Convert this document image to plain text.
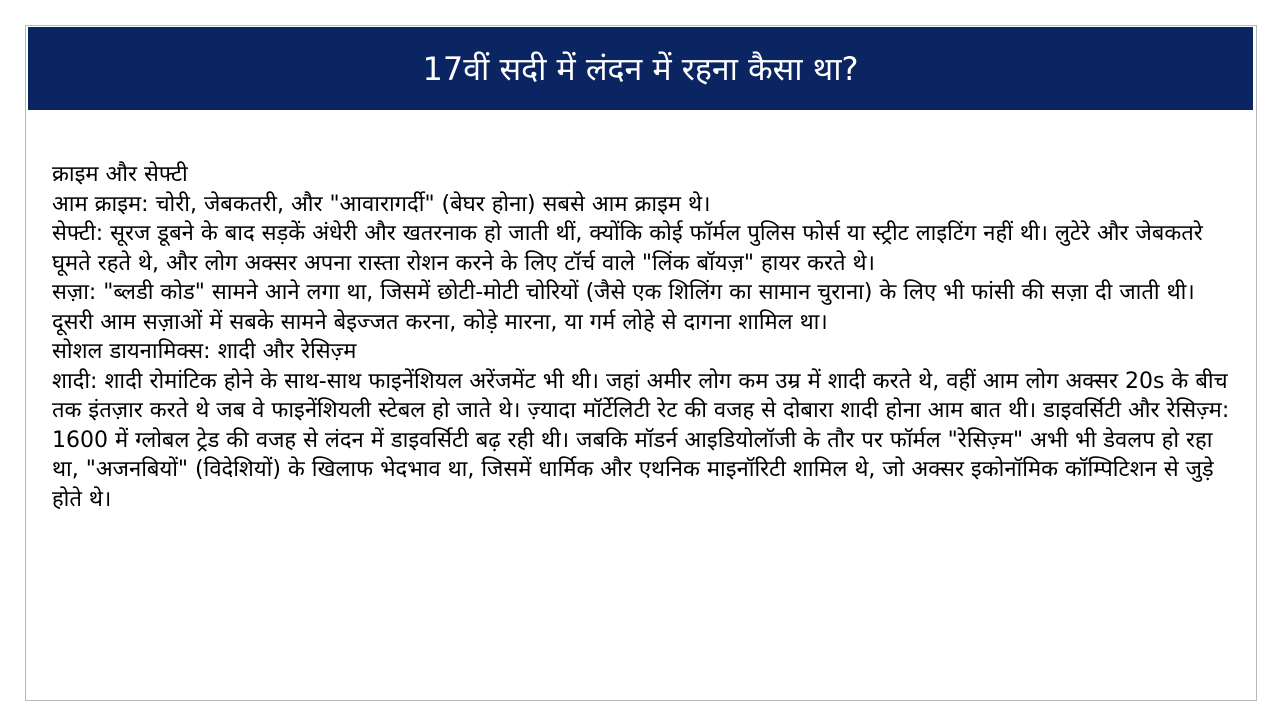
17वीं सदी में लंदन में रहना कैसा था?

क्राइम और सेफ्टी

आम क्राइम: चोरी, जेबकतरी, और "आवारागर्दी" (बेघर होना) सबसे आम क्राइम थे।

सेफ्टी: सूरज डूबने के बाद सड़कें अंधेरी और खतरनाक हो जाती थीं, क्योंकि कोई फॉर्मल पुलिस फोर्स या स्ट्रीट लाइटिंग नहीं थी। लुटेरे और जेबकतरे घूमते रहते थे, और लोग अक्सर अपना रास्ता रोशन करने के लिए टॉर्च वाले "लिंक बॉयज़" हायर करते थे।

सज़ा: "ब्लडी कोड" सामने आने लगा था, जिसमें छोटी-मोटी चोरियों (जैसे एक शिलिंग का सामान चुराना) के लिए भी फांसी की सज़ा दी जाती थी। दूसरी आम सज़ाओं में सबके सामने बेइज्जत करना, कोड़े मारना, या गर्म लोहे से दागना शामिल था।

सोशल डायनामिक्स: शादी और रेसिज़्म

शादी: शादी रोमांटिक होने के साथ-साथ फाइनेंशियल अरेंजमेंट भी थी। जहां अमीर लोग कम उम्र में शादी करते थे, वहीं आम लोग अक्सर 20s के बीच तक इंतज़ार करते थे जब वे फाइनेंशियली स्टेबल हो जाते थे। ज़्यादा मॉर्टेलिटी रेट की वजह से दोबारा शादी होना आम बात थी। डाइवर्सिटी और रेसिज़्म: 1600 में ग्लोबल ट्रेड की वजह से लंदन में डाइवर्सिटी बढ़ रही थी। जबकि मॉडर्न आइडियोलॉजी के तौर पर फॉर्मल "रेसिज़्म" अभी भी डेवलप हो रहा था, "अजनबियों" (विदेशियों) के खिलाफ भेदभाव था, जिसमें धार्मिक और एथनिक माइनॉरिटी शामिल थे, जो अक्सर इकोनॉमिक कॉम्पिटिशन से जुड़े होते थे।
